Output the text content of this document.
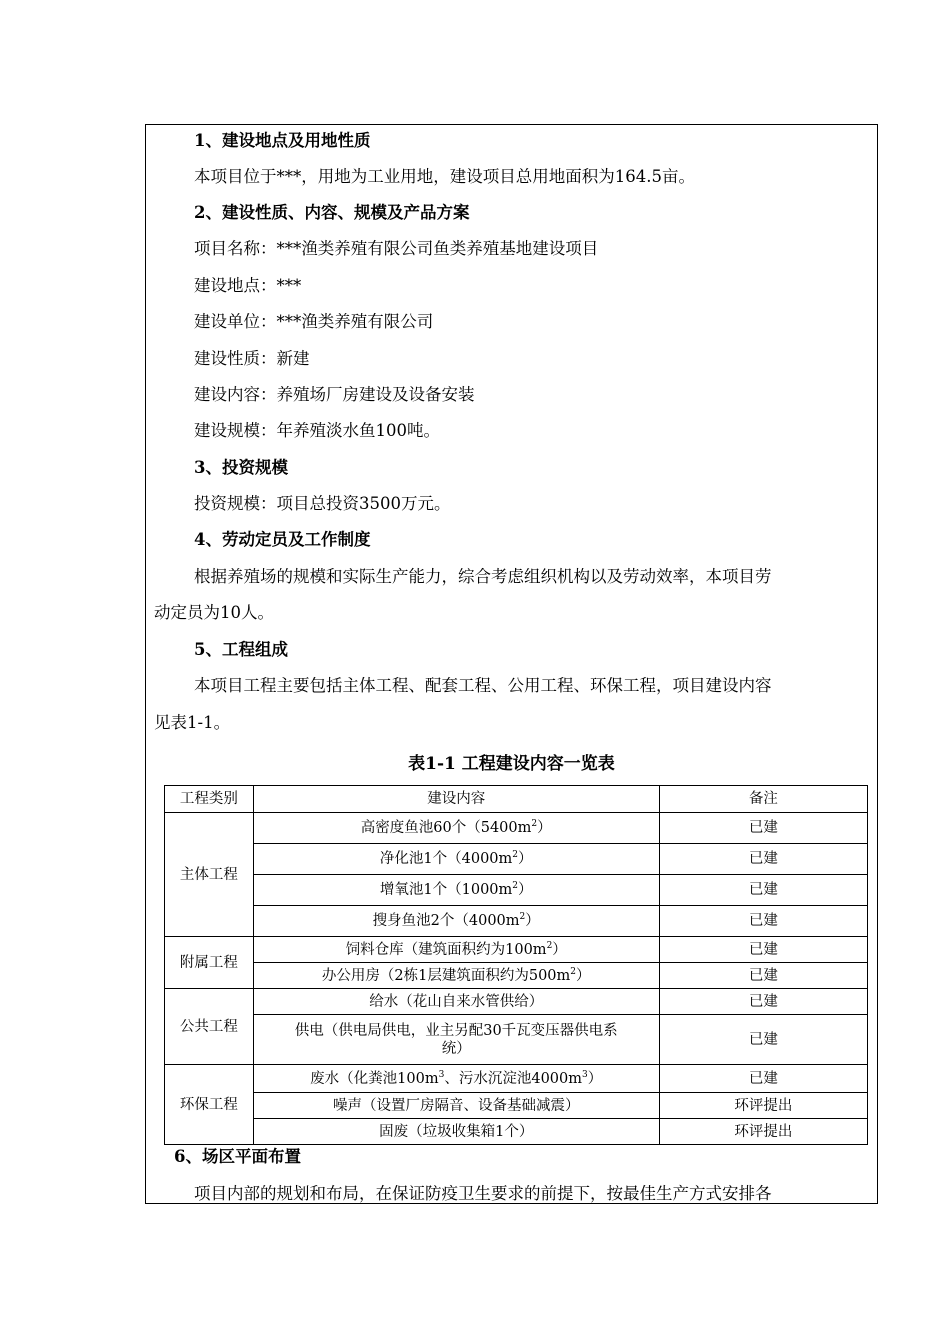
1、建设地点及用地性质
本项目位于***，用地为工业用地，建设项目总用地面积为164.5亩。
2、建设性质、内容、规模及产品方案
项目名称：***渔类养殖有限公司鱼类养殖基地建设项目
建设地点：***
建设单位：***渔类养殖有限公司
建设性质：新建
建设内容：养殖场厂房建设及设备安装
建设规模：年养殖淡水鱼100吨。
3、投资规模
投资规模：项目总投资3500万元。
4、劳动定员及工作制度
根据养殖场的规模和实际生产能力，综合考虑组织机构以及劳动效率，本项目劳
动定员为10人。
5、工程组成
本项目工程主要包括主体工程、配套工程、公用工程、环保工程，项目建设内容
见表1-1。
表1-1 工程建设内容一览表
工程类别	建设内容	备注
主体工程	高密度鱼池60个$(5400m^2)$	已建
	净化池1个$(4000m^2)$	已建
	增氧池1个$(1000m^2)$	已建
	搜身鱼池2个$(4000m^2)$	已建
附属工程	饲料仓库（建筑面积约为$100m^2$）	已建
	办公用房（2栋1层建筑面积约为$500m^2$）	已建
公共工程	给水（花山自来水管供给）	已建
	供电（供电局供电，业主另配30千瓦变压器供电系
统）	已建
环保工程	废水（化粪池$100m^3$、污水沉淀池$4000m^3$）	已建
	噪声（设置厂房隔音、设备基础减震）	环评提出
	固废（垃圾收集箱1个）	环评提出
6、场区平面布置
项目内部的规划和布局，在保证防疫卫生要求的前提下，按最佳生产方式安排各
